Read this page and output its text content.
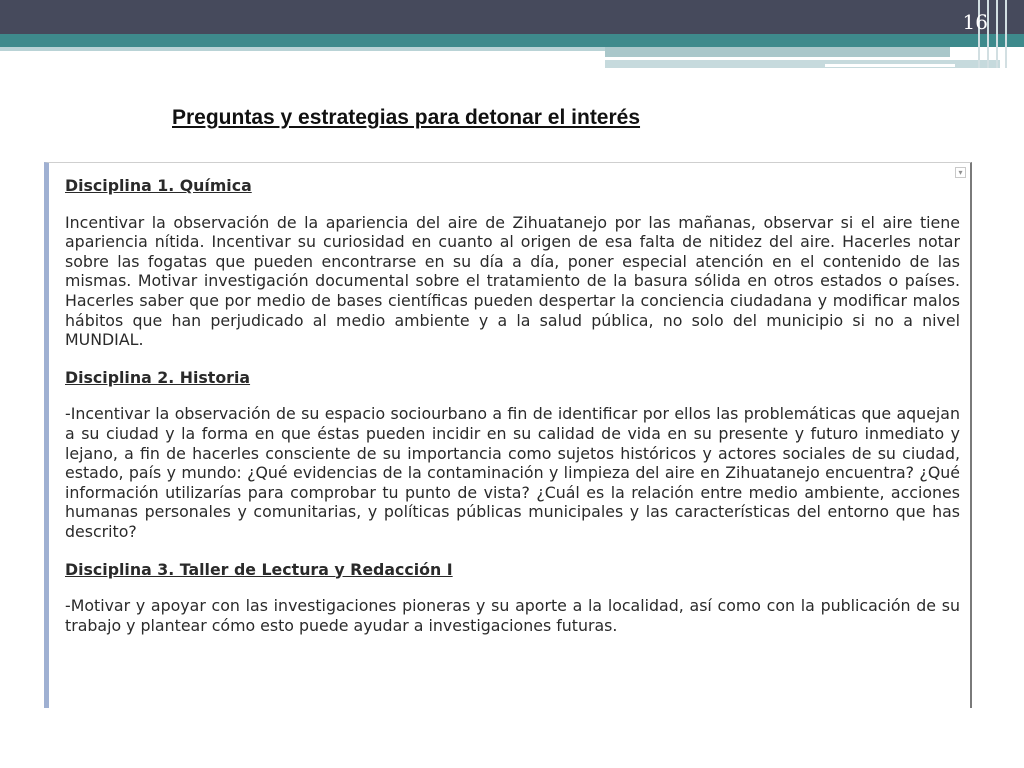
16
Preguntas y estrategias para detonar el interés
▾
Disciplina 1. Química
Incentivar la observación de la apariencia del aire de Zihuatanejo por las mañanas, observar si el aire tiene apariencia nítida. Incentivar su curiosidad en cuanto al origen de esa falta de nitidez del aire. Hacerles notar sobre las fogatas que pueden encontrarse en su día a día, poner especial atención en el contenido de las mismas. Motivar investigación documental sobre el tratamiento de la basura sólida en otros estados o países. Hacerles saber que por medio de bases científicas pueden despertar la conciencia ciudadana y modificar malos hábitos que han perjudicado al medio ambiente y a la salud pública, no solo del municipio si no a nivel MUNDIAL.
Disciplina 2. Historia
-Incentivar la observación de su espacio sociourbano a fin de identificar por ellos las problemáticas que aquejan a su ciudad y la forma en que éstas pueden incidir en su calidad de vida en su presente y futuro inmediato y lejano, a fin de hacerles consciente de su importancia como sujetos históricos y actores sociales de su ciudad, estado, país y mundo: ¿Qué evidencias de la contaminación y limpieza del aire en Zihuatanejo encuentra? ¿Qué información utilizarías para comprobar tu punto de vista? ¿Cuál es la relación entre medio ambiente, acciones humanas personales y comunitarias, y políticas públicas municipales y las características del entorno que has descrito?
Disciplina 3. Taller de Lectura y Redacción I
-Motivar y apoyar con las investigaciones pioneras y su aporte a la localidad, así como con la publicación de su trabajo y plantear cómo esto puede ayudar a investigaciones futuras.
